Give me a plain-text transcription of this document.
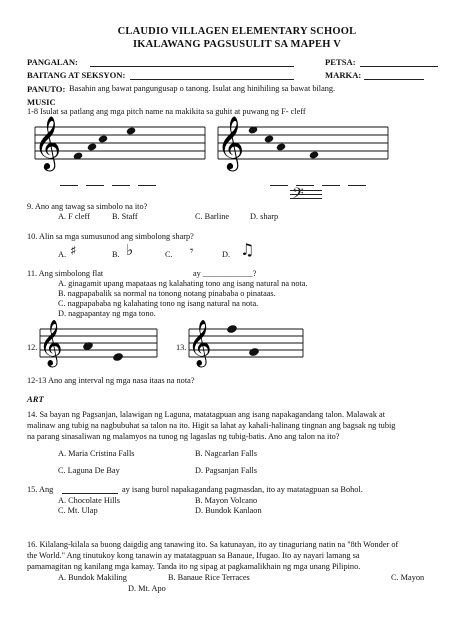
CLAUDIO VILLAGEN ELEMENTARY SCHOOL
IKALAWANG PAGSUSULIT SA MAPEH V
PANGALAN:	PETSA:
BAITANG AT SEKSYON:	MARKA:
PANUTO: Basahin ang bawat pangungusap o tanong. Isulat ang hinihiling sa bawat bilang.
MUSIC
1-8 Isulat sa patlang ang mga pitch name na makikita sa guhit at puwang ng F- cleff
𝄞	𝄞
𝄢
9. Ano ang tawag sa simbolo na ito?
A. F cleff	B. Staff	C. Barline	D. sharp
10. Alin sa mga sumusunod ang simbolong sharp?
A. ♯	B. ♭	C. 𝄾	D. ♫
11. Ang simbolong flat	ay ____________?
A. ginagamit upang mapataas ng kalahating tono ang isang natural na nota.
B. nagpapabalik sa normal na tonong notang pinababa o pinataas.
C. nagpapababa ng kalahating tono ng isang natural na nota.
D. nagpapantay ng mga tono.
12. 𝄞	13. 𝄞
12-13 Ano ang interval ng mga nasa itaas na nota?
ART
14. Sa bayan ng Pagsanjan, lalawigan ng Laguna, matatagpuan ang isang napakagandang talon. Malawak at
malinaw ang tubig na nagbubuhat sa talon na ito. Higit sa lahat ay kahali-halinang tingnan ang bagsak ng tubig
na parang sinasaliwan ng malamyos na tunog ng lagaslas ng tubig-batis. Ano ang talon na ito?
A. Maria Cristina Falls	B. Nagcarlan Falls
C. Laguna De Bay	D. Pagsanjan Falls
15. Ang	ay isang burol napakagandang pagmasdan, ito ay matatagpuan sa Bohol.
A. Chocolate Hills	B. Mayon Volcano
C. Mt. Ulap	D. Bundok Kanlaon
16. Kilalang-kilala sa buong daigdig ang tanawing ito. Sa katunayan, ito ay tinaguriang natin na "8th Wonder of
the World." Ang tinutukoy kong tanawin ay matatagpuan sa Banaue, Ifugao. Ito ay nayari lamang sa
pamamagitan ng kanilang mga kamay. Tanda ito ng sipag at pagkamalikhain ng mga unang Pilipino.
A. Bundok Makiling	B. Banaue Rice Terraces	C. Mayon
D. Mt. Apo
